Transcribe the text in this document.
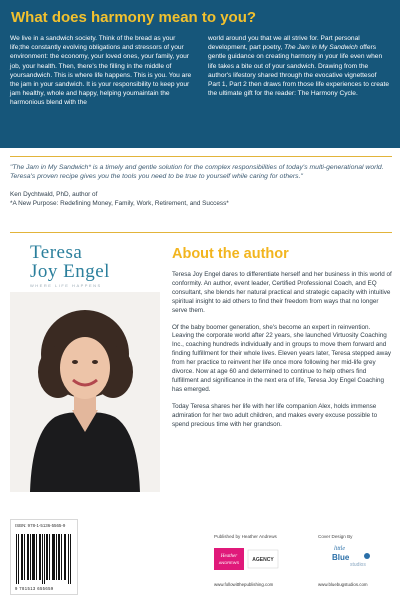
What does harmony mean to you?
We live in a sandwich society. Think of the bread as your life;the constantly evolving obligations and stressors of your environment: the economy, your loved ones, your family, your job, your health. Then, there's the filling in the middle of yoursandwich. This is where life happens. This is you. You are the jam in your sandwich. It is your responsibility to keep your jam healthy, whole and happy, helping youmaintain the harmonious blend with the
world around you that we all strive for. Part personal development, part poetry, The Jam in My Sandwich offers gentle guidance on creating harmony in your life even when life takes a bite out of your sandwich. Drawing from the author's lifestory shared through the evocative vignettesof Part 1, Part 2 then draws from those life experiences to create the ultimate gift for the reader: The Harmony Cycle.
"The Jam in My Sandwich* is a timely and gentle solution for the complex responsibilities of today's multi-generational world. Teresa's proven recipe gives you the tools you need to be true to yourself while caring for others."
Ken Dychtwald, PhD, author of
*A New Purpose: Redefining Money, Family, Work, Retirement, and Success*
Teresa
Joy Engel
WHERE LIFE HAPPENS
About the author
Teresa Joy Engel dares to differentiate herself and her business in this world of conformity. An author, event leader, Certified Professional Coach, and EQ consultant, she blends her natural practical and strategic capacity with intuitive spiritual insight to aid others to find their freedom from ways that no longer serve them.
Of the baby boomer generation, she's become an expert in reinvention. Leaving the corporate world after 22 years, she launched Virtuosity Coaching Inc., coaching hundreds individually and in groups to move them forward and finding fulfillment for their whole lives. Eleven years later, Teresa stepped away from her practice to reinvent her life once more following her mid-life grey divorce. Now at age 60 and determined to continue to help others find fulfillment and significance in the next era of life, Teresa Joy Engel Coaching has emerged.
Today Teresa shares her life with her life companion Alex, holds immense admiration for her two adult children, and makes every excuse possible to spend precious time with her grandson.
ISBN: 978-1-5136-5565-9
9 781513 655659
Published by Heather Andrews
Heather
ANDREWS	AGENCY
www.followitthepublishing.com
Cover Design By
little
Blue
studios
www.bluebugstudios.com
